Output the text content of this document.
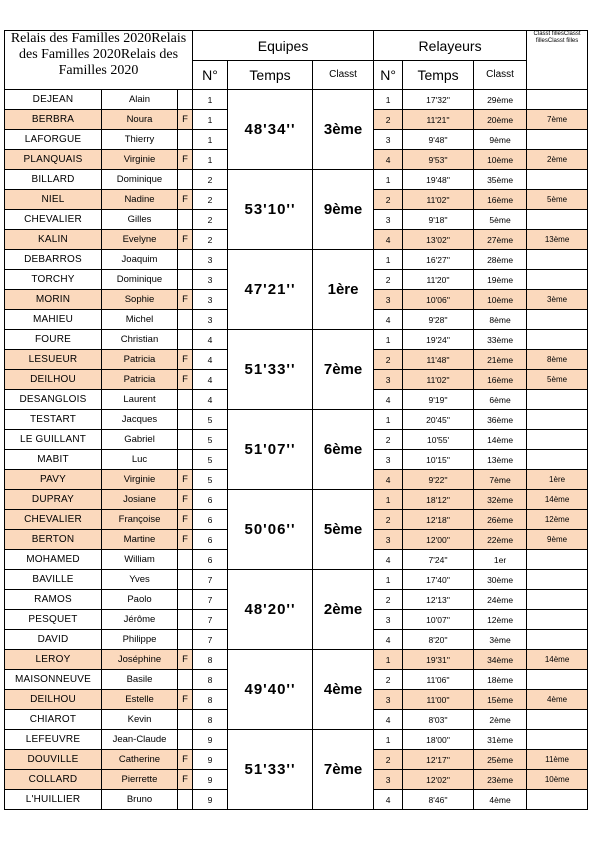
Relais des Familles 2020Relais des Familles 2020Relais des Familles 2020			Equipes			Relayeurs			Classt fillesClasst fillesClasst filles
			N°	Temps	Classt	N°	Temps	Classt	
DEJEAN	Alain		1	48'34''	3ème	1	17'32''	29ème	
BERBRA	Noura	F	1			2	11'21''	20ème	7ème
LAFORGUE	Thierry		1			3	9'48''	9ème	
PLANQUAIS	Virginie	F	1			4	9'53''	10ème	2ème
BILLARD	Dominique		2	53'10''	9ème	1	19'48''	35ème	
NIEL	Nadine	F	2			2	11'02''	16ème	5ème
CHEVALIER	Gilles		2			3	9'18''	5ème	
KALIN	Evelyne	F	2			4	13'02''	27ème	13ème
DEBARROS	Joaquim		3	47'21''	1ère	1	16'27''	28ème	
TORCHY	Dominique		3			2	11'20''	19ème	
MORIN	Sophie	F	3			3	10'06''	10ème	3ème
MAHIEU	Michel		3			4	9'28''	8ème	
FOURE	Christian		4	51'33''	7ème	1	19'24''	33ème	
LESUEUR	Patricia	F	4			2	11'48''	21ème	8ème
DEILHOU	Patricia	F	4			3	11'02''	16ème	5ème
DESANGLOIS	Laurent		4			4	9'19''	6ème	
TESTART	Jacques		5	51'07''	6ème	1	20'45''	36ème	
LE GUILLANT	Gabriel		5			2	10'55'	14ème	
MABIT	Luc		5			3	10'15''	13ème	
PAVY	Virginie	F	5			4	9'22''	7ème	1ère
DUPRAY	Josiane	F	6	50'06''	5ème	1	18'12''	32ème	14ème
CHEVALIER	Françoise	F	6			2	12'18''	26ème	12ème
BERTON	Martine	F	6			3	12'00''	22ème	9ème
MOHAMED	William		6			4	7'24''	1er	
BAVILLE	Yves		7	48'20''	2ème	1	17'40''	30ème	
RAMOS	Paolo		7			2	12'13''	24ème	
PESQUET	Jérôme		7			3	10'07''	12ème	
DAVID	Philippe		7			4	8'20''	3ème	
LEROY	Joséphine	F	8	49'40''	4ème	1	19'31''	34ème	14ème
MAISONNEUVE	Basile		8			2	11'06''	18ème	
DEILHOU	Estelle	F	8			3	11'00''	15ème	4ème
CHIAROT	Kevin		8			4	8'03''	2ème	
LEFEUVRE	Jean-Claude		9	51'33''	7ème	1	18'00''	31ème	
DOUVILLE	Catherine	F	9			2	12'17''	25ème	11ème
COLLARD	Pierrette	F	9			3	12'02''	23ème	10ème
L'HUILLIER	Bruno		9			4	8'46''	4ème	
